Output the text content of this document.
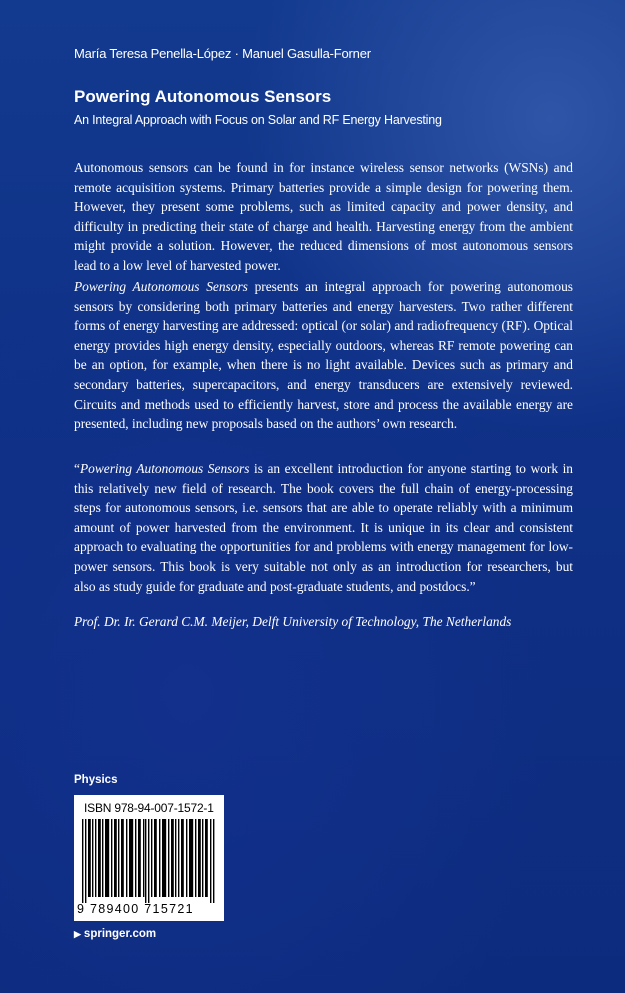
María Teresa Penella-López · Manuel Gasulla-Forner
Powering Autonomous Sensors
An Integral Approach with Focus on Solar and RF Energy Harvesting
Autonomous sensors can be found in for instance wireless sensor networks (WSNs) and remote acquisition systems. Primary batteries provide a simple design for powering them. However, they present some problems, such as limited capacity and power density, and difficulty in predicting their state of charge and health. Harvesting energy from the ambient might provide a solution. However, the reduced dimensions of most autonomous sensors lead to a low level of harvested power.
Powering Autonomous Sensors presents an integral approach for powering autonomous sensors by considering both primary batteries and energy harvesters. Two rather different forms of energy harvesting are addressed: optical (or solar) and radiofrequency (RF). Optical energy provides high energy density, especially outdoors, whereas RF remote powering can be an option, for example, when there is no light available. Devices such as primary and secondary batteries, supercapacitors, and energy transducers are extensively reviewed. Circuits and methods used to efficiently harvest, store and process the available energy are presented, including new proposals based on the authors’ own research.
“Powering Autonomous Sensors is an excellent introduction for anyone starting to work in this relatively new field of research. The book covers the full chain of energy-processing steps for autonomous sensors, i.e. sensors that are able to operate reliably with a minimum amount of power harvested from the environment. It is unique in its clear and consistent approach to evaluating the opportunities for and problems with energy management for low-power sensors. This book is very suitable not only as an introduction for researchers, but also as study guide for graduate and post-graduate students, and postdocs.”
Prof. Dr. Ir. Gerard C.M. Meijer, Delft University of Technology, The Netherlands
Physics
ISBN 978-94-007-1572-1
9 789400 715721
▶ springer.com
